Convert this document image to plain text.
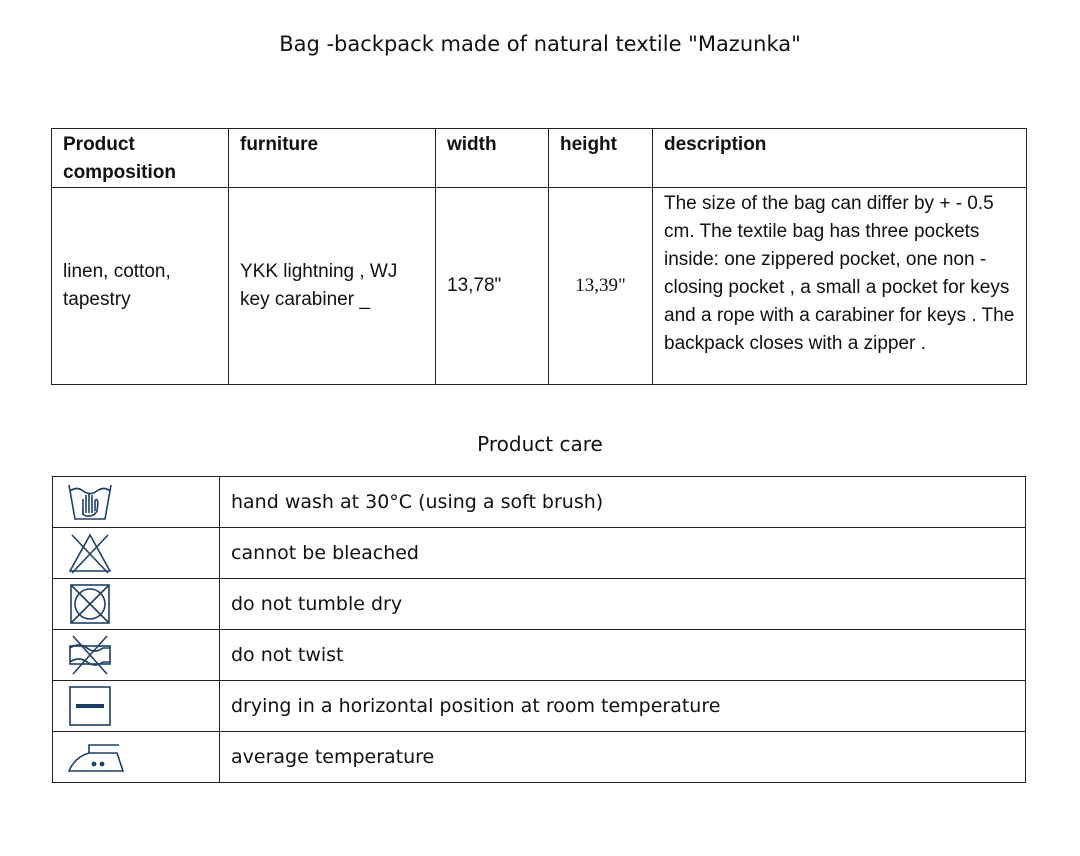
Bag -backpack made of natural textile "Mazunka"
Product composition	furniture	width	height	description
linen, cotton, tapestry	YKK lightning , WJ key carabiner _	13,78"	13,39"	The size of the bag can differ by + - 0.5 cm. The textile bag has three pockets inside: one zippered pocket, one non - closing pocket , a small a pocket for keys and a rope with a carabiner for keys . The backpack closes with a zipper .
Product care
	hand wash at 30°C (using a soft brush)

	cannot be bleached

	do not tumble dry

	do not twist

	drying in a horizontal position at room temperature

	average temperature
